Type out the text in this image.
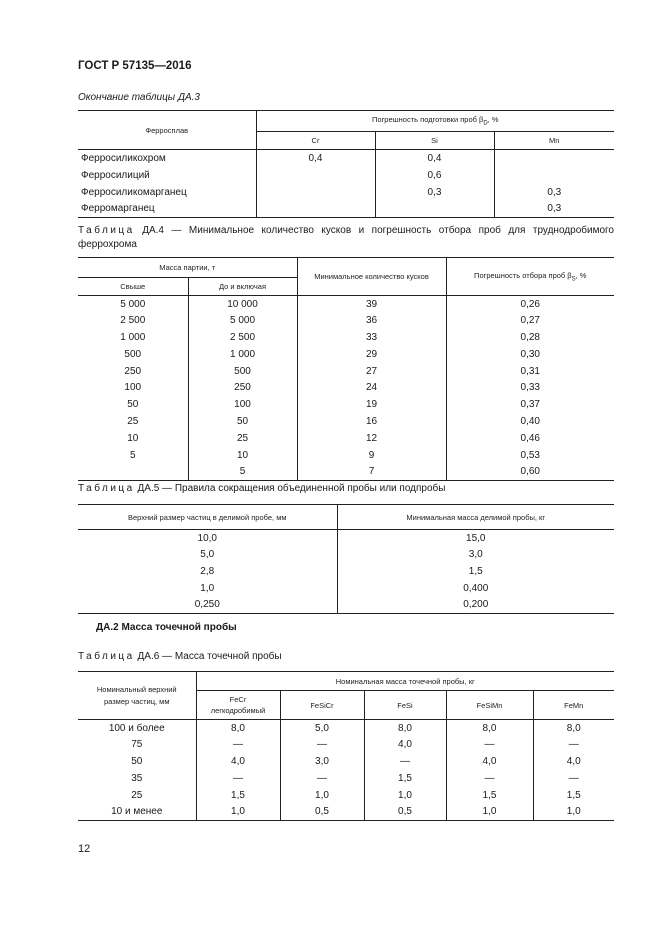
ГОСТ Р 57135—2016
Окончание таблицы ДА.3
Ферросплав	Погрешность подготовки проб $\beta_D$, %		
	Cr	Si	Mn
Ферросиликохром	0,4	0,4	
Ферросилиций		0,6	
Ферросиликомарганец		0,3	0,3
Ферромарганец			0,3
Таблица ДА.4 — Минимальное количество кусков и погрешность отбора проб для труднодробимого феррохрома
Масса партии, т		Минимальное количество кусков	Погрешность отбора проб $\beta_S$, %
Свыше	До и включая		
5 000	10 000	39	0,26
2 500	5 000	36	0,27
1 000	2 500	33	0,28
500	1 000	29	0,30
250	500	27	0,31
100	250	24	0,33
50	100	19	0,37
25	50	16	0,40
10	25	12	0,46
5	10	9	0,53
	5	7	0,60
Таблица ДА.5 — Правила сокращения объединенной пробы или подпробы
Верхний размер частиц в делимой пробе, мм	Минимальная масса делимой пробы, кг
10,0	15,0
5,0	3,0
2,8	1,5
1,0	0,400
0,250	0,200
ДА.2 Масса точечной пробы
Таблица ДА.6 — Масса точечной пробы
Номинальный верхний размер частиц, мм	Номинальная масса точечной пробы, кг				
	FeCr легкодробимый	FeSiCr	FeSi	FeSiMn	FeMn
100 и более	8,0	5,0	8,0	8,0	8,0
75	—	—	4,0	—	—
50	4,0	3,0	—	4,0	4,0
35	—	—	1,5	—	—
25	1,5	1,0	1,0	1,5	1,5
10 и менее	1,0	0,5	0,5	1,0	1,0
12
